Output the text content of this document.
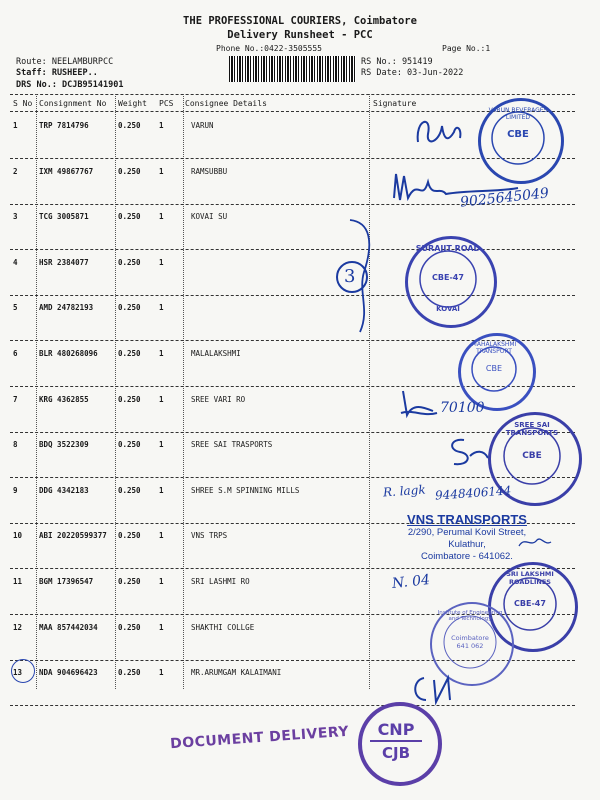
THE PROFESSIONAL COURIERS, Coimbatore
Delivery Runsheet - PCC
Phone No.:0422-3505555	Page No.:1
Route: NEELAMBURPCC
Staff: RUSHEEP..
DRS No.: DCJB95141901
RS No.: 951419
RS Date: 03-Jun-2022
S No Consignment No Weight PCS Consignee Details	Signature
1	TRP 7814796	0.250 1	VARUN
2	IXM 49867767	0.250 1	RAMSUBBU
3	TCG 3005871	0.250 1	KOVAI SU
4	HSR 2384077	0.250 1
5	AMD 24782193	0.250 1
6	BLR 480268096	0.250 1	MALALAKSHMI
7	KRG 4362855	0.250 1	SREE VARI RO
8	BDQ 3522309	0.250 1	SREE SAI TRASPORTS
9	DDG 4342183	0.250 1	SHREE S.M SPINNING MILLS
10 ABI 20220599377 0.250 1	VNS TRPS
11 BGM 17396547	0.250 1	SRI LASHMI RO
12 MAA 857442034	0.250 1	SHAKTHI COLLGE
13 NDA 904696423	0.250 1	MR.ARUMGAM KALAIMANI
VARUN BEVERAGES LIMITED
CBE
9025645049
3
SURAJIT ROAD
CBE-47
KOVAI
MAHALAKSHMI TRANSPORT
CBE
70100
SREE SAI TRANSPORTS
CBE
R. lagk 9448406144
VNS TRANSPORTS
2/290, Perumal Kovil Street,
Kulathur,
Coimbatore - 641062.
N. 04	SRI LAKSHMI ROADLINES
CBE-47
Institute of Engineering and Technology
Coimbatore 641 062
DOCUMENT DELIVERY	CNP
CJB
